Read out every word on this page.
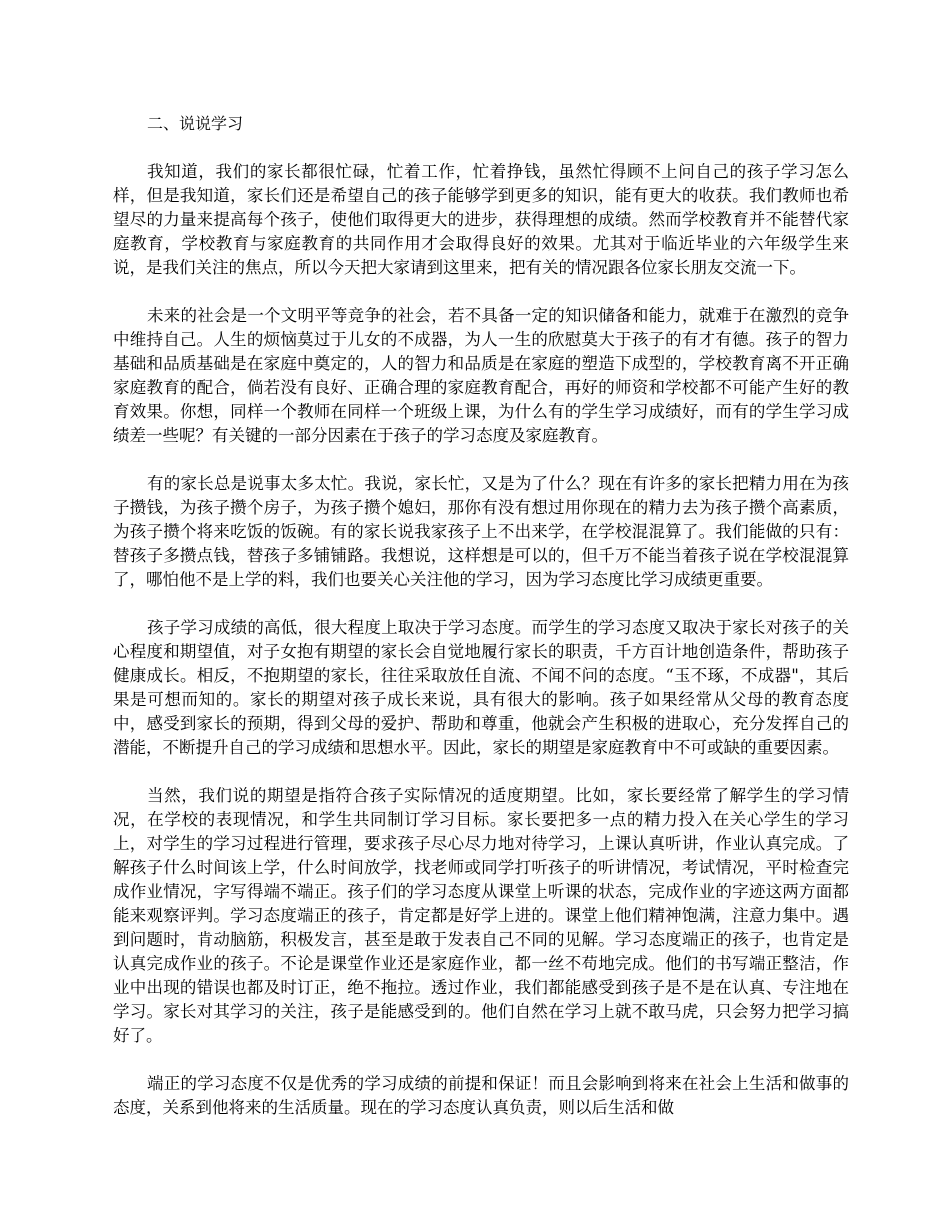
二、说说学习

我知道，我们的家长都很忙碌，忙着工作，忙着挣钱，虽然忙得顾不上问自己的孩子学习怎么样，但是我知道，家长们还是希望自己的孩子能够学到更多的知识，能有更大的收获。我们教师也希望尽的力量来提高每个孩子，使他们取得更大的进步，获得理想的成绩。然而学校教育并不能替代家庭教育，学校教育与家庭教育的共同作用才会取得良好的效果。尤其对于临近毕业的六年级学生来说，是我们关注的焦点，所以今天把大家请到这里来，把有关的情况跟各位家长朋友交流一下。

未来的社会是一个文明平等竞争的社会，若不具备一定的知识储备和能力，就难于在激烈的竞争中维持自己。人生的烦恼莫过于儿女的不成器，为人一生的欣慰莫大于孩子的有才有德。孩子的智力基础和品质基础是在家庭中奠定的，人的智力和品质是在家庭的塑造下成型的，学校教育离不开正确家庭教育的配合，倘若没有良好、正确合理的家庭教育配合，再好的师资和学校都不可能产生好的教育效果。你想，同样一个教师在同样一个班级上课，为什么有的学生学习成绩好，而有的学生学习成绩差一些呢？有关键的一部分因素在于孩子的学习态度及家庭教育。

有的家长总是说事太多太忙。我说，家长忙，又是为了什么？现在有许多的家长把精力用在为孩子攒钱，为孩子攒个房子，为孩子攒个媳妇，那你有没有想过用你现在的精力去为孩子攒个高素质，为孩子攒个将来吃饭的饭碗。有的家长说我家孩子上不出来学，在学校混混算了。我们能做的只有：替孩子多攒点钱，替孩子多铺铺路。我想说，这样想是可以的，但千万不能当着孩子说在学校混混算了，哪怕他不是上学的料，我们也要关心关注他的学习，因为学习态度比学习成绩更重要。

孩子学习成绩的高低，很大程度上取决于学习态度。而学生的学习态度又取决于家长对孩子的关心程度和期望值，对子女抱有期望的家长会自觉地履行家长的职责，千方百计地创造条件，帮助孩子健康成长。相反，不抱期望的家长，往往采取放任自流、不闻不问的态度。“玉不琢，不成器"，其后果是可想而知的。家长的期望对孩子成长来说，具有很大的影响。孩子如果经常从父母的教育态度中，感受到家长的预期，得到父母的爱护、帮助和尊重，他就会产生积极的进取心，充分发挥自己的潜能，不断提升自己的学习成绩和思想水平。因此，家长的期望是家庭教育中不可或缺的重要因素。

当然，我们说的期望是指符合孩子实际情况的适度期望。比如，家长要经常了解学生的学习情况，在学校的表现情况，和学生共同制订学习目标。家长要把多一点的精力投入在关心学生的学习上，对学生的学习过程进行管理，要求孩子尽心尽力地对待学习，上课认真听讲，作业认真完成。了解孩子什么时间该上学，什么时间放学，找老师或同学打听孩子的听讲情况，考试情况，平时检查完成作业情况，字写得端不端正。孩子们的学习态度从课堂上听课的状态，完成作业的字迹这两方面都能来观察评判。学习态度端正的孩子，肯定都是好学上进的。课堂上他们精神饱满，注意力集中。遇到问题时，肯动脑筋，积极发言，甚至是敢于发表自己不同的见解。学习态度端正的孩子，也肯定是认真完成作业的孩子。不论是课堂作业还是家庭作业，都一丝不苟地完成。他们的书写端正整洁，作业中出现的错误也都及时订正，绝不拖拉。透过作业，我们都能感受到孩子是不是在认真、专注地在学习。家长对其学习的关注，孩子是能感受到的。他们自然在学习上就不敢马虎，只会努力把学习搞好了。

端正的学习态度不仅是优秀的学习成绩的前提和保证！而且会影响到将来在社会上生活和做事的态度，关系到他将来的生活质量。现在的学习态度认真负责，则以后生活和做
